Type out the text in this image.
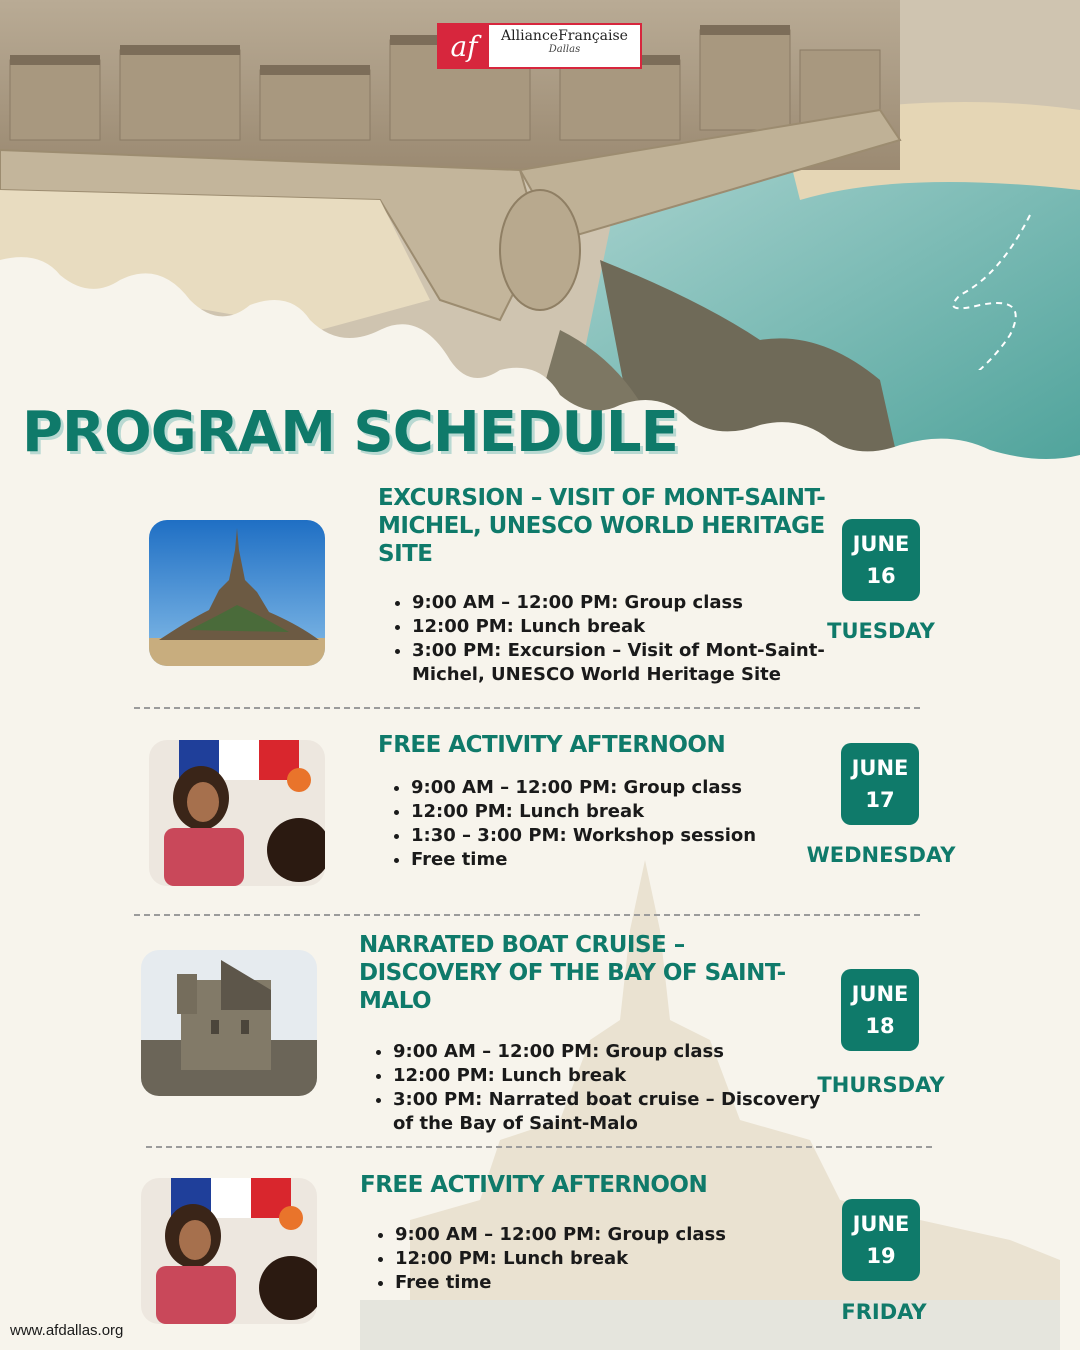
af	AllianceFrançaise
Dallas
PROGRAM SCHEDULE
EXCURSION – VISIT OF MONT-SAINT-MICHEL, UNESCO WORLD HERITAGE SITE
• 9:00 AM – 12:00 PM: Group class
• 12:00 PM: Lunch break
• 3:00 PM: Excursion – Visit of Mont-Saint-Michel, UNESCO World Heritage Site
JUNE
16
TUESDAY
FREE ACTIVITY AFTERNOON
• 9:00 AM – 12:00 PM: Group class
• 12:00 PM: Lunch break
• 1:30 – 3:00 PM: Workshop session
• Free time
JUNE
17
WEDNESDAY
NARRATED BOAT CRUISE – DISCOVERY OF THE BAY OF SAINT-MALO
• 9:00 AM – 12:00 PM: Group class
• 12:00 PM: Lunch break
• 3:00 PM: Narrated boat cruise – Discovery of the Bay of Saint-Malo
JUNE
18
THURSDAY
FREE ACTIVITY AFTERNOON
• 9:00 AM – 12:00 PM: Group class
• 12:00 PM: Lunch break
• Free time
JUNE
19
FRIDAY
www.afdallas.org
